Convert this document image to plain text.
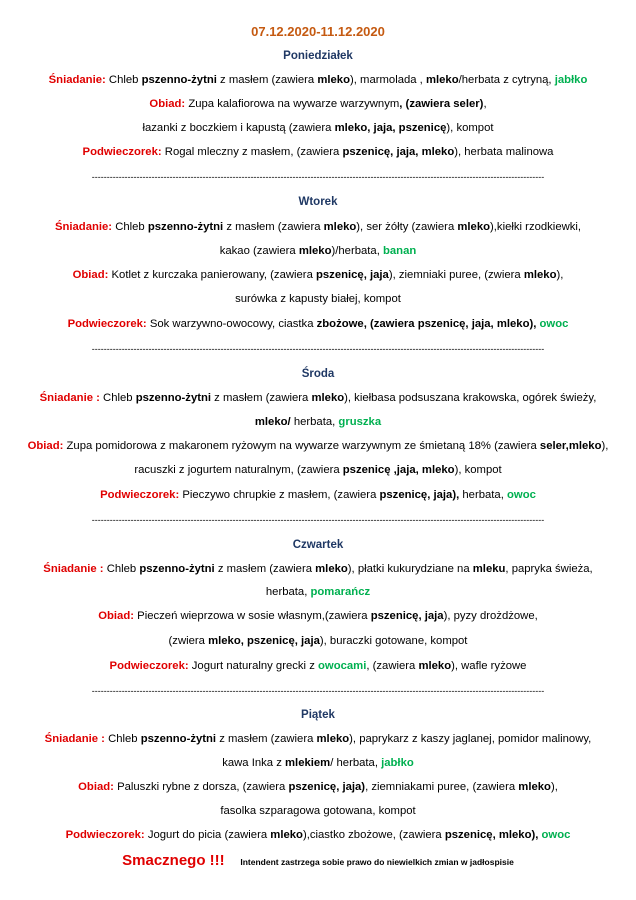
07.12.2020-11.12.2020
Poniedziałek
Śniadanie: Chleb pszenno-żytni z masłem (zawiera mleko), marmolada , mleko/herbata z cytryną, jabłko
Obiad: Zupa kalafiorowa na wywarze warzywnym, (zawiera seler),
łazanki z boczkiem i kapustą (zawiera mleko, jaja, pszenicę), kompot
Podwieczorek: Rogal mleczny z masłem, (zawiera pszenicę, jaja, mleko), herbata malinowa
-------------------------------------------------------------------------------------------------------------------------------------------------------
Wtorek
Śniadanie: Chleb pszenno-żytni z masłem (zawiera mleko), ser żółty (zawiera mleko),kiełki rzodkiewki,
kakao (zawiera mleko)/herbata, banan
Obiad: Kotlet z kurczaka panierowany, (zawiera pszenicę, jaja), ziemniaki puree, (zwiera mleko),
surówka z kapusty białej, kompot
Podwieczorek: Sok warzywno-owocowy, ciastka zbożowe, (zawiera pszenicę, jaja, mleko), owoc
-------------------------------------------------------------------------------------------------------------------------------------------------------
Środa
Śniadanie : Chleb pszenno-żytni z masłem (zawiera mleko), kiełbasa podsuszana krakowska, ogórek świeży,
mleko/ herbata, gruszka
Obiad: Zupa pomidorowa z makaronem ryżowym na wywarze warzywnym ze śmietaną 18% (zawiera seler,mleko),
racuszki z jogurtem naturalnym, (zawiera pszenicę ,jaja, mleko), kompot
Podwieczorek: Pieczywo chrupkie z masłem, (zawiera pszenicę, jaja), herbata, owoc
-------------------------------------------------------------------------------------------------------------------------------------------------------
Czwartek
Śniadanie : Chleb pszenno-żytni z masłem (zawiera mleko), płatki kukurydziane na mleku, papryka świeża,
herbata, pomarańcz
Obiad: Pieczeń wieprzowa w sosie własnym,(zawiera pszenicę, jaja), pyzy drożdżowe,
(zwiera mleko, pszenicę, jaja), buraczki gotowane, kompot
Podwieczorek: Jogurt naturalny grecki z owocami, (zawiera mleko), wafle ryżowe
-------------------------------------------------------------------------------------------------------------------------------------------------------
Piątek
Śniadanie : Chleb pszenno-żytni z masłem (zawiera mleko), paprykarz z kaszy jaglanej, pomidor malinowy,
kawa Inka z mlekiem/ herbata, jabłko
Obiad: Paluszki rybne z dorsza, (zawiera pszenicę, jaja), ziemniakami puree, (zawiera mleko),
fasolka szparagowa gotowana, kompot
Podwieczorek: Jogurt do picia (zawiera mleko),ciastko zbożowe, (zawiera pszenicę, mleko), owoc
Smacznego !!! Intendent zastrzega sobie prawo do niewielkich zmian w jadłospisie
